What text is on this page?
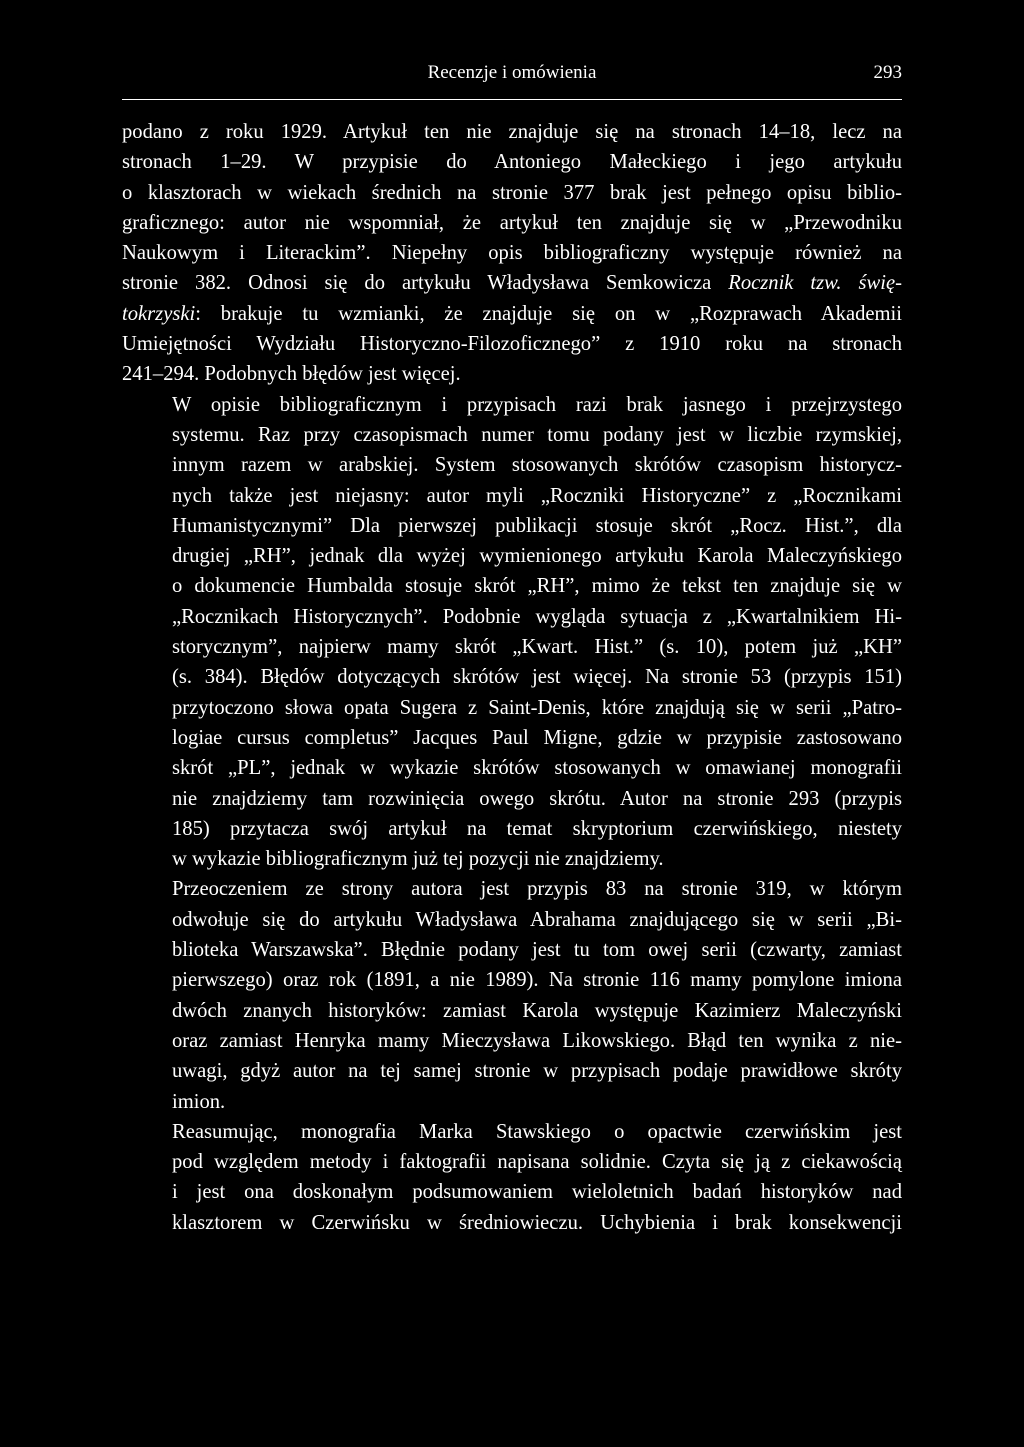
Recenzje i omówienia	293

podano z roku 1929. Artykuł ten nie znajduje się na stronach 14–18, lecz na
stronach 1–29. W przypisie do Antoniego Małeckiego i jego artykułu
o klasztorach w wiekach średnich na stronie 377 brak jest pełnego opisu biblio-
graficznego: autor nie wspomniał, że artykuł ten znajduje się w „Przewodniku
Naukowym i Literackim”. Niepełny opis bibliograficzny występuje również na
stronie 382. Odnosi się do artykułu Władysława Semkowicza Rocznik tzw. świę-
tokrzyski: brakuje tu wzmianki, że znajduje się on w „Rozprawach Akademii
Umiejętności Wydziału Historyczno-Filozoficznego” z 1910 roku na stronach
241–294. Podobnych błędów jest więcej.

W opisie bibliograficznym i przypisach razi brak jasnego i przejrzystego
systemu. Raz przy czasopismach numer tomu podany jest w liczbie rzymskiej,
innym razem w arabskiej. System stosowanych skrótów czasopism historycz-
nych także jest niejasny: autor myli „Roczniki Historyczne” z „Rocznikami
Humanistycznymi” Dla pierwszej publikacji stosuje skrót „Rocz. Hist.”, dla
drugiej „RH”, jednak dla wyżej wymienionego artykułu Karola Maleczyńskiego
o dokumencie Humbalda stosuje skrót „RH”, mimo że tekst ten znajduje się w
„Rocznikach Historycznych”. Podobnie wygląda sytuacja z „Kwartalnikiem Hi-
storycznym”, najpierw mamy skrót „Kwart. Hist.” (s. 10), potem już „KH”
(s. 384). Błędów dotyczących skrótów jest więcej. Na stronie 53 (przypis 151)
przytoczono słowa opata Sugera z Saint-Denis, które znajdują się w serii „Patro-
logiae cursus completus” Jacques Paul Migne, gdzie w przypisie zastosowano
skrót „PL”, jednak w wykazie skrótów stosowanych w omawianej monografii
nie znajdziemy tam rozwinięcia owego skrótu. Autor na stronie 293 (przypis
185) przytacza swój artykuł na temat skryptorium czerwińskiego, niestety
w wykazie bibliograficznym już tej pozycji nie znajdziemy.

Przeoczeniem ze strony autora jest przypis 83 na stronie 319, w którym
odwołuje się do artykułu Władysława Abrahama znajdującego się w serii „Bi-
blioteka Warszawska”. Błędnie podany jest tu tom owej serii (czwarty, zamiast
pierwszego) oraz rok (1891, a nie 1989). Na stronie 116 mamy pomylone imiona
dwóch znanych historyków: zamiast Karola występuje Kazimierz Maleczyński
oraz zamiast Henryka mamy Mieczysława Likowskiego. Błąd ten wynika z nie-
uwagi, gdyż autor na tej samej stronie w przypisach podaje prawidłowe skróty
imion.

Reasumując, monografia Marka Stawskiego o opactwie czerwińskim jest
pod względem metody i faktografii napisana solidnie. Czyta się ją z ciekawością
i jest ona doskonałym podsumowaniem wieloletnich badań historyków nad
klasztorem w Czerwińsku w średniowieczu. Uchybienia i brak konsekwencji
